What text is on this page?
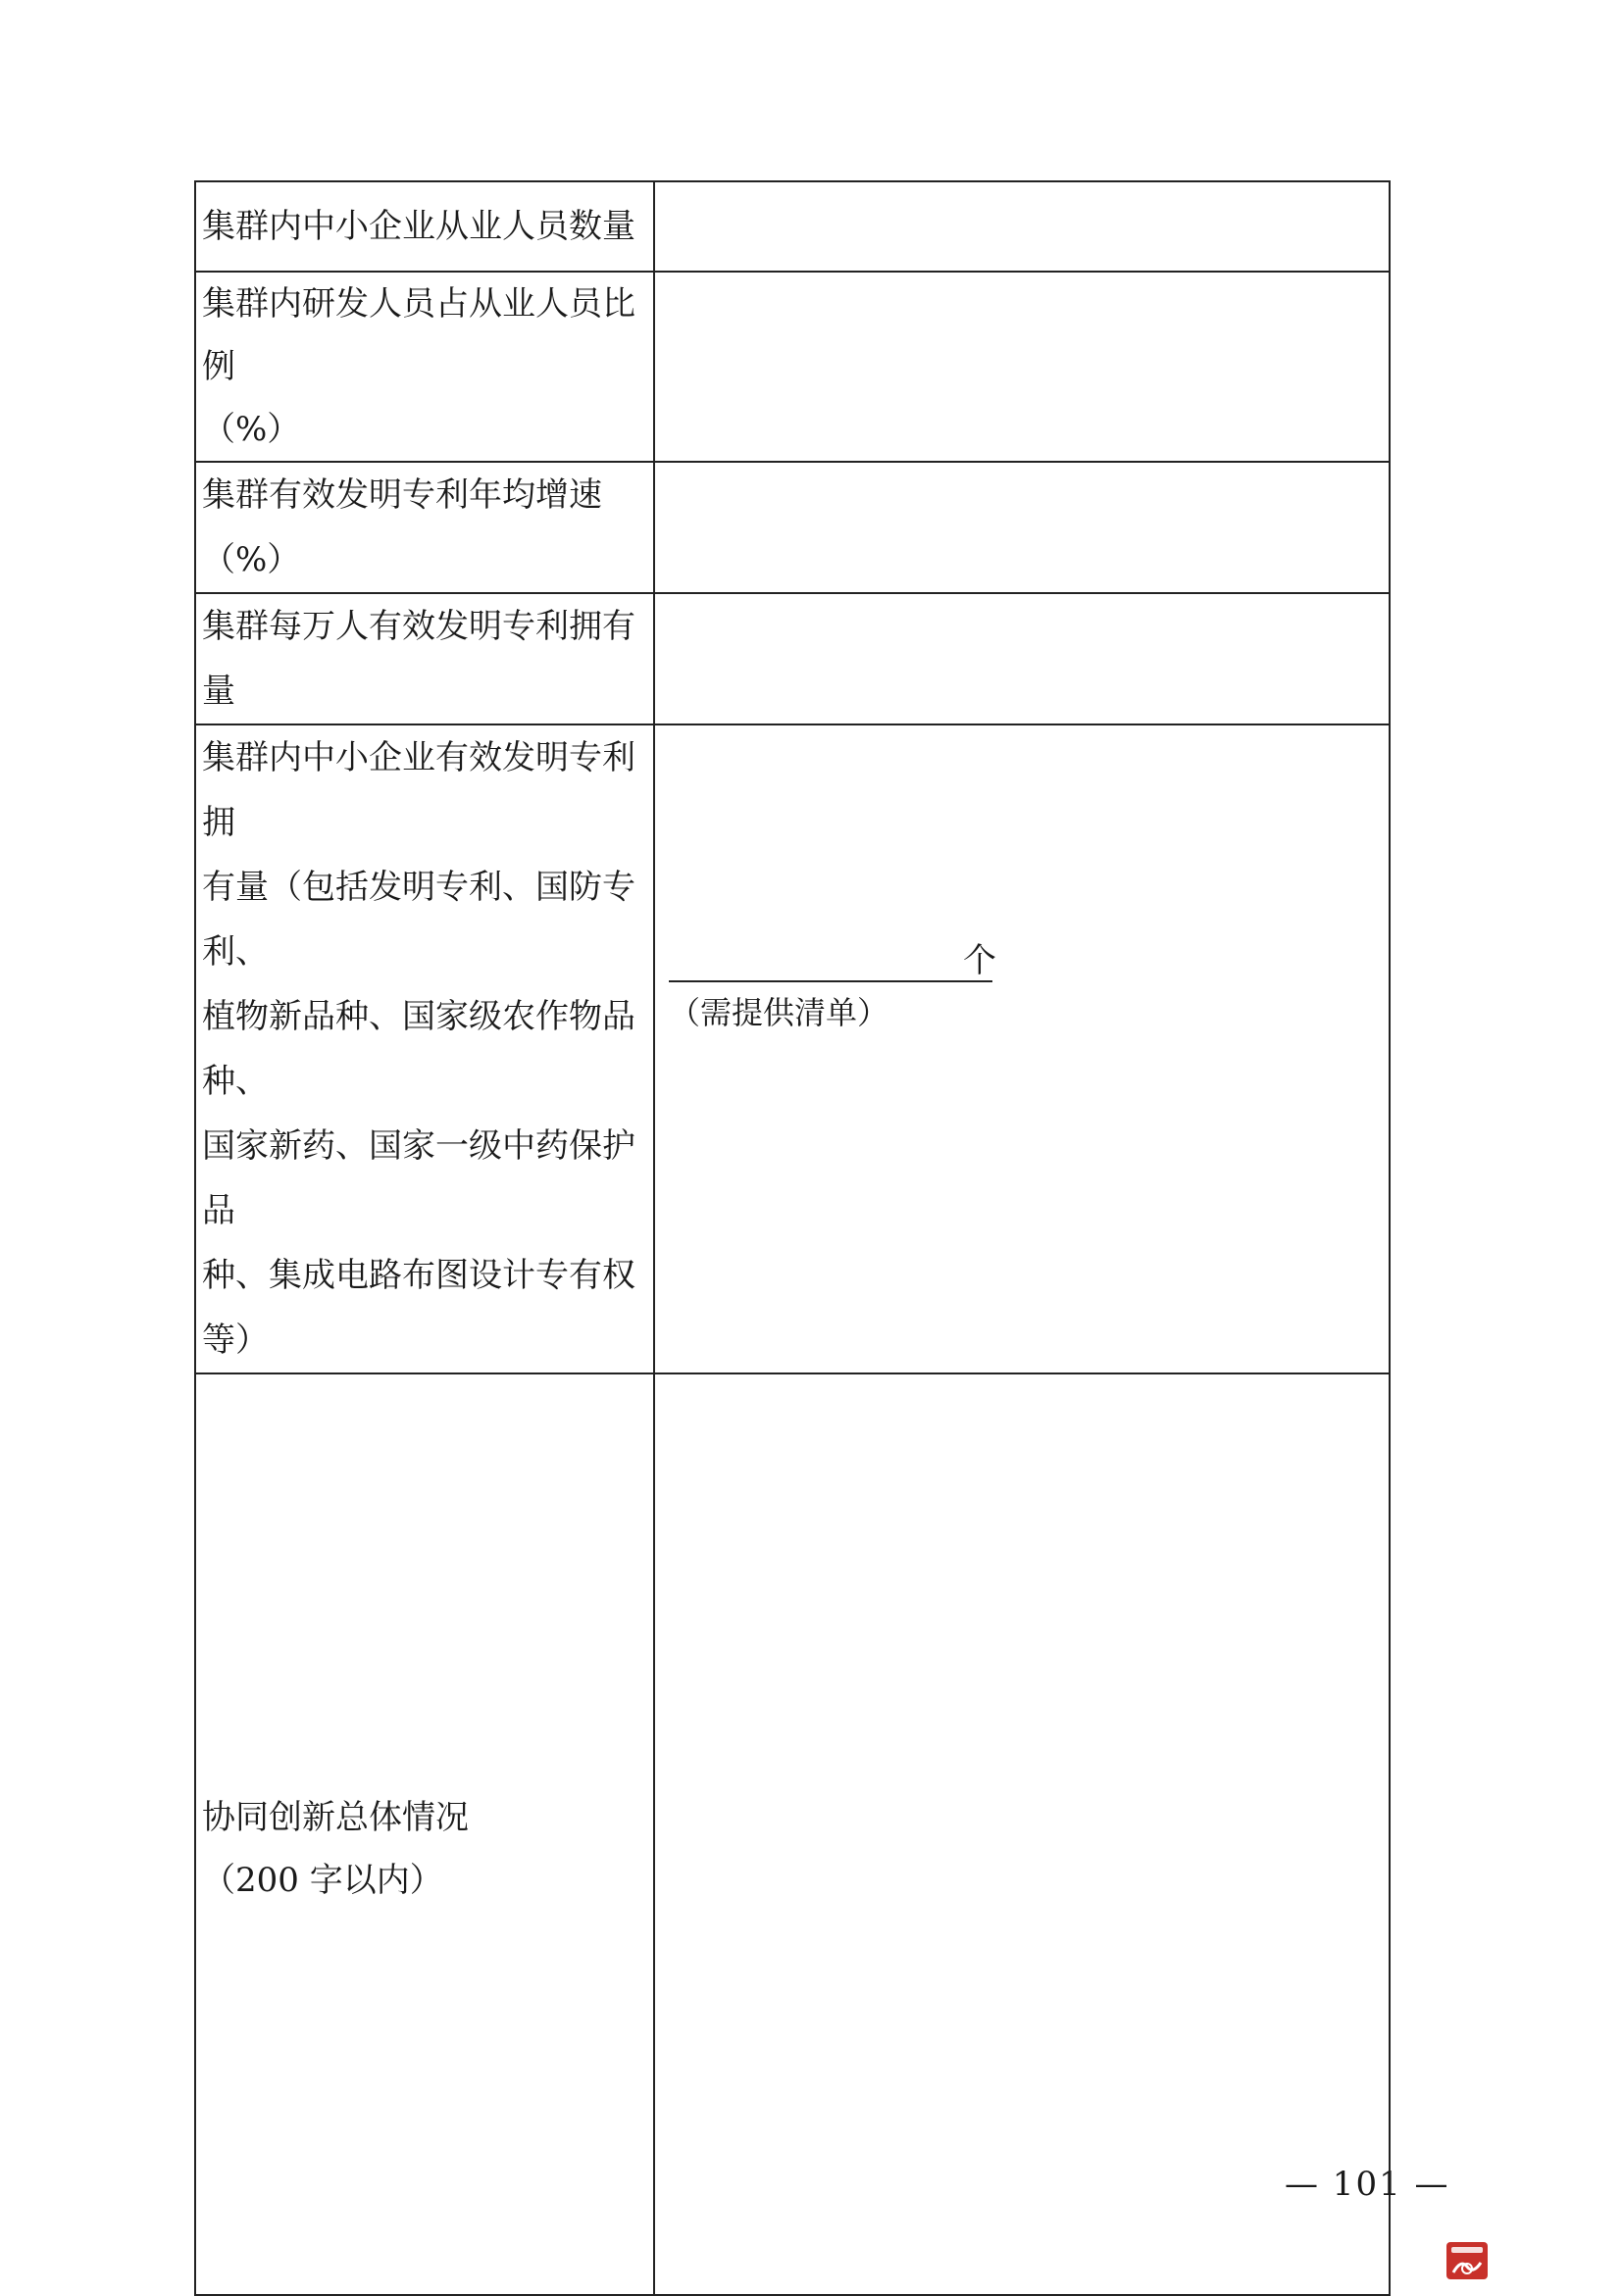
集群内中小企业从业人员数量	

集群内研发人员占从业人员比例
（%）	

集群有效发明专利年均增速（%）	

集群每万人有效发明专利拥有量	

集群内中小企业有效发明专利拥
有量（包括发明专利、国防专利、
植物新品种、国家级农作物品种、
国家新药、国家一级中药保护品
种、集成电路布图设计专有权等）	个
（需提供清单）

协同创新总体情况
（200 字以内）	

— 101 —
